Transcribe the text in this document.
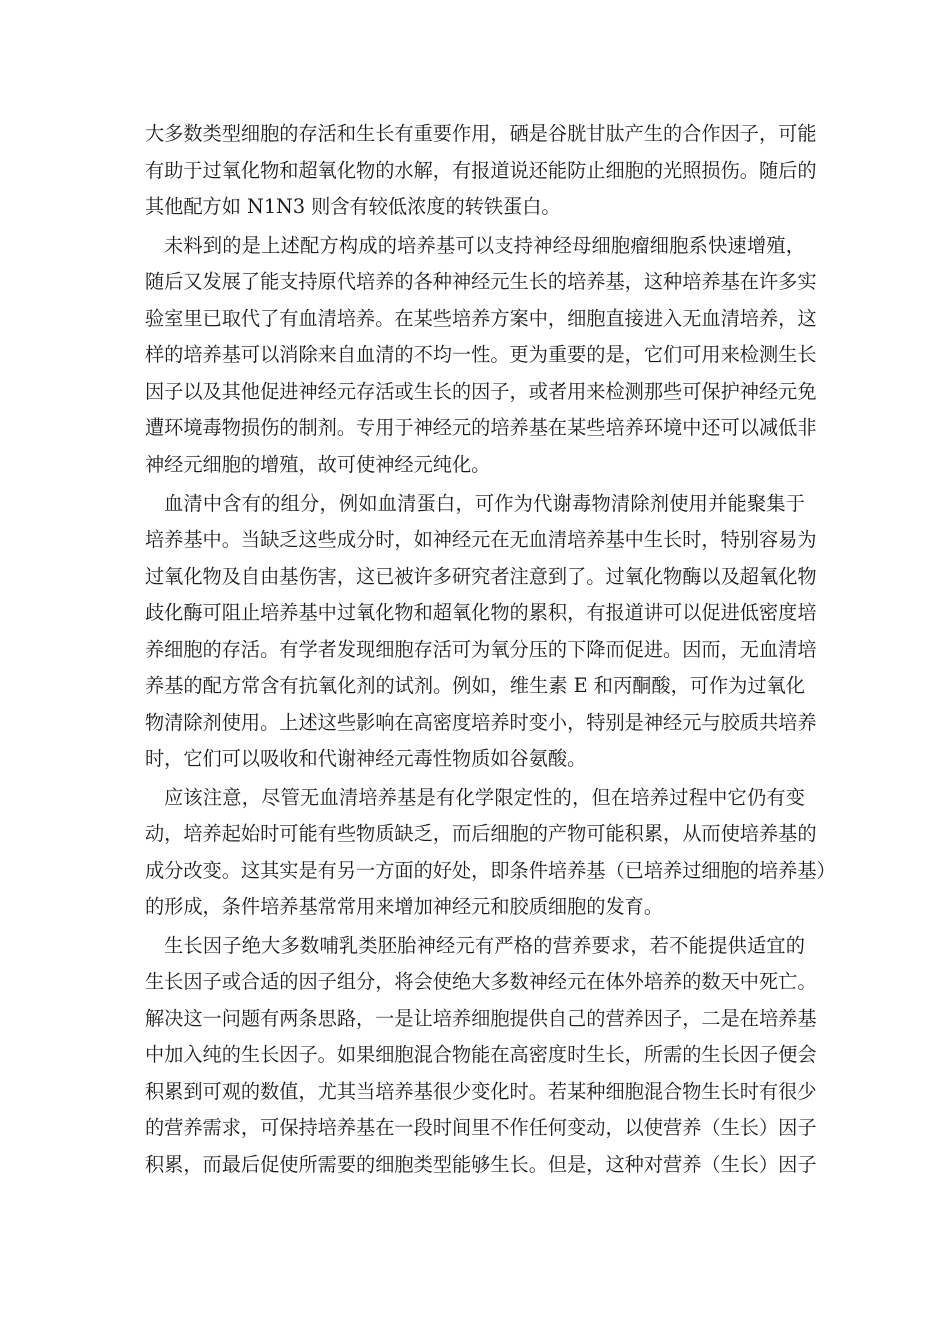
大多数类型细胞的存活和生长有重要作用，硒是谷胱甘肽产生的合作因子，可能
有助于过氧化物和超氧化物的水解，有报道说还能防止细胞的光照损伤。随后的
其他配方如 N1N3 则含有较低浓度的转铁蛋白。
未料到的是上述配方构成的培养基可以支持神经母细胞瘤细胞系快速增殖，
随后又发展了能支持原代培养的各种神经元生长的培养基，这种培养基在许多实
验室里已取代了有血清培养。在某些培养方案中，细胞直接进入无血清培养，这
样的培养基可以消除来自血清的不均一性。更为重要的是，它们可用来检测生长
因子以及其他促进神经元存活或生长的因子，或者用来检测那些可保护神经元免
遭环境毒物损伤的制剂。专用于神经元的培养基在某些培养环境中还可以减低非
神经元细胞的增殖，故可使神经元纯化。
血清中含有的组分，例如血清蛋白，可作为代谢毒物清除剂使用并能聚集于
培养基中。当缺乏这些成分时，如神经元在无血清培养基中生长时，特别容易为
过氧化物及自由基伤害，这已被许多研究者注意到了。过氧化物酶以及超氧化物
歧化酶可阻止培养基中过氧化物和超氧化物的累积，有报道讲可以促进低密度培
养细胞的存活。有学者发现细胞存活可为氧分压的下降而促进。因而，无血清培
养基的配方常含有抗氧化剂的试剂。例如，维生素 E 和丙酮酸，可作为过氧化
物清除剂使用。上述这些影响在高密度培养时变小，特别是神经元与胶质共培养
时，它们可以吸收和代谢神经元毒性物质如谷氨酸。
应该注意，尽管无血清培养基是有化学限定性的，但在培养过程中它仍有变
动，培养起始时可能有些物质缺乏，而后细胞的产物可能积累，从而使培养基的
成分改变。这其实是有另一方面的好处，即条件培养基（已培养过细胞的培养基）
的形成，条件培养基常常用来增加神经元和胶质细胞的发育。
生长因子绝大多数哺乳类胚胎神经元有严格的营养要求，若不能提供适宜的
生长因子或合适的因子组分，将会使绝大多数神经元在体外培养的数天中死亡。
解决这一问题有两条思路，一是让培养细胞提供自己的营养因子，二是在培养基
中加入纯的生长因子。如果细胞混合物能在高密度时生长，所需的生长因子便会
积累到可观的数值，尤其当培养基很少变化时。若某种细胞混合物生长时有很少
的营养需求，可保持培养基在一段时间里不作任何变动，以使营养（生长）因子
积累，而最后促使所需要的细胞类型能够生长。但是，这种对营养（生长）因子
